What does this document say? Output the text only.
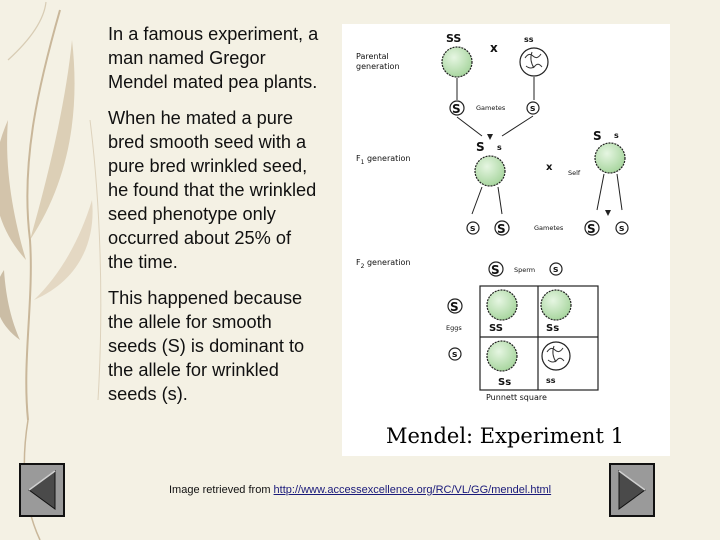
In a famous experiment, a man named Gregor Mendel mated pea plants.

When he mated a pure bred smooth seed with a pure bred wrinkled seed, he found that the wrinkled seed phenotype only occurred about 25% of the time.

This happened because the allele for smooth seeds (S) is dominant to the allele for wrinkled seeds (s).

Parental
generation
SS
x
ss
S Gametes	s
$F_1$ generation
S s
x Self
S s
s S	Gametes S	s
$F_2$ generation
S Sperm s
S
Eggs
s
SS	Ss
Ss	ss
Punnett square
Mendel: Experiment 1
Image retrieved from http://www.accessexcellence.org/RC/VL/GG/mendel.html
